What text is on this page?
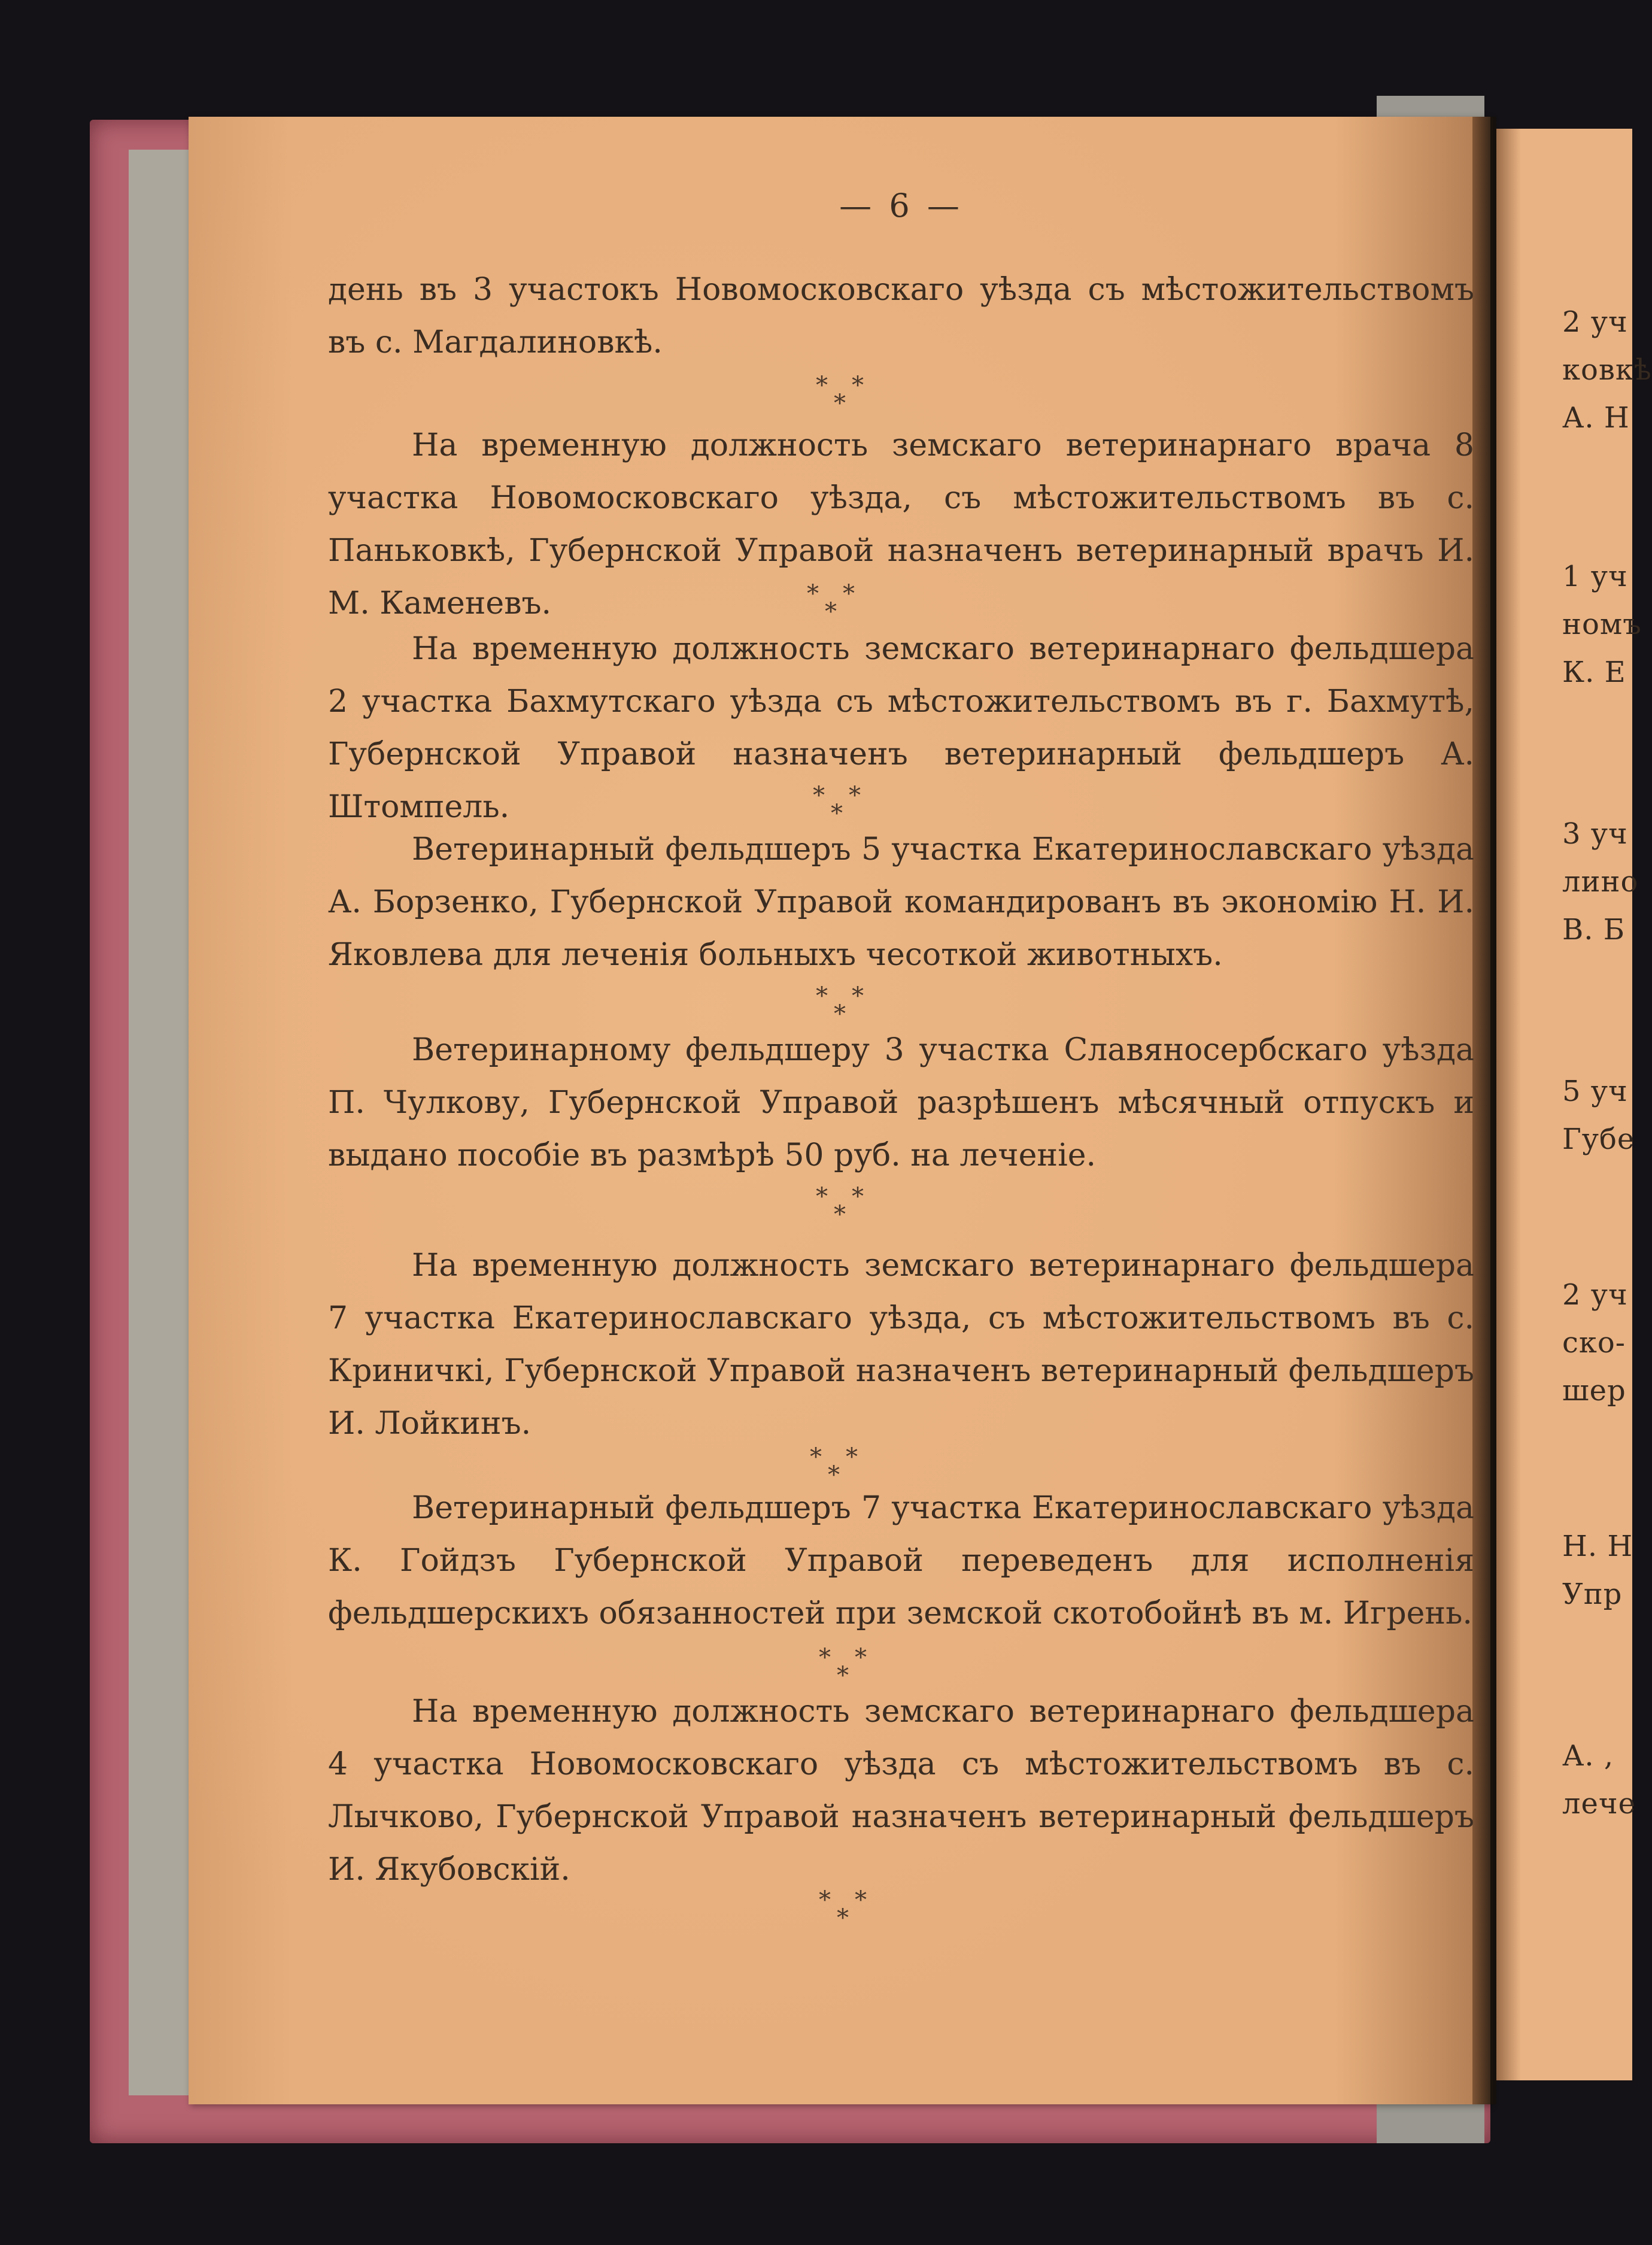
2 уч
ковкѣ
А. Н
1 уч
номъ
К. Е
3 уч
лино
В. Б
5 уч
Губе
2 уч
ско-
шер
Н. Н
Упр
А. ,
лече
— 6 —

день въ 3 участокъ Новомосковскаго уѣзда съ мѣстожительствомъ въ с. Магдалиновкѣ.

* *
*

На временную должность земскаго ветеринарнаго врача 8 участка Новомосковскаго уѣзда, съ мѣстожительствомъ въ с. Паньковкѣ, Губернской Управой назначенъ ветеринарный врачъ И. М. Каменевъ.	* *
*

На временную должность земскаго ветеринарнаго фельдшера 2 участка Бахмутскаго уѣзда съ мѣстожительствомъ въ г. Бахмутѣ, Губернской Управой назначенъ ветеринарный фельдшеръ А. Штомпель.	* *
*

Ветеринарный фельдшеръ 5 участка Екатеринославскаго уѣзда А. Борзенко, Губернской Управой командированъ въ экономію Н. И. Яковлева для леченія больныхъ чесоткой животныхъ.

* *
*

Ветеринарному фельдшеру 3 участка Славяносербскаго уѣзда П. Чулкову, Губернской Управой разрѣшенъ мѣсячный отпускъ и выдано пособіе въ размѣрѣ 50 руб. на леченіе.

* *
*

На временную должность земскаго ветеринарнаго фельдшера 7 участка Екатеринославскаго уѣзда, съ мѣстожительствомъ въ с. Криничкі, Губернской Управой назначенъ ветеринарный фельдшеръ И. Лойкинъ.

* *
*

Ветеринарный фельдшеръ 7 участка Екатеринославскаго уѣзда К. Гойдзъ Губернской Управой переведенъ для исполненія фельдшерскихъ обязанностей при земской скотобойнѣ въ м. Игрень.

* *
*

На временную должность земскаго ветеринарнаго фельдшера 4 участка Новомосковскаго уѣзда съ мѣстожительствомъ въ с. Лычково, Губернской Управой назначенъ ветеринарный фельдшеръ И. Якубовскій.

* *
*
